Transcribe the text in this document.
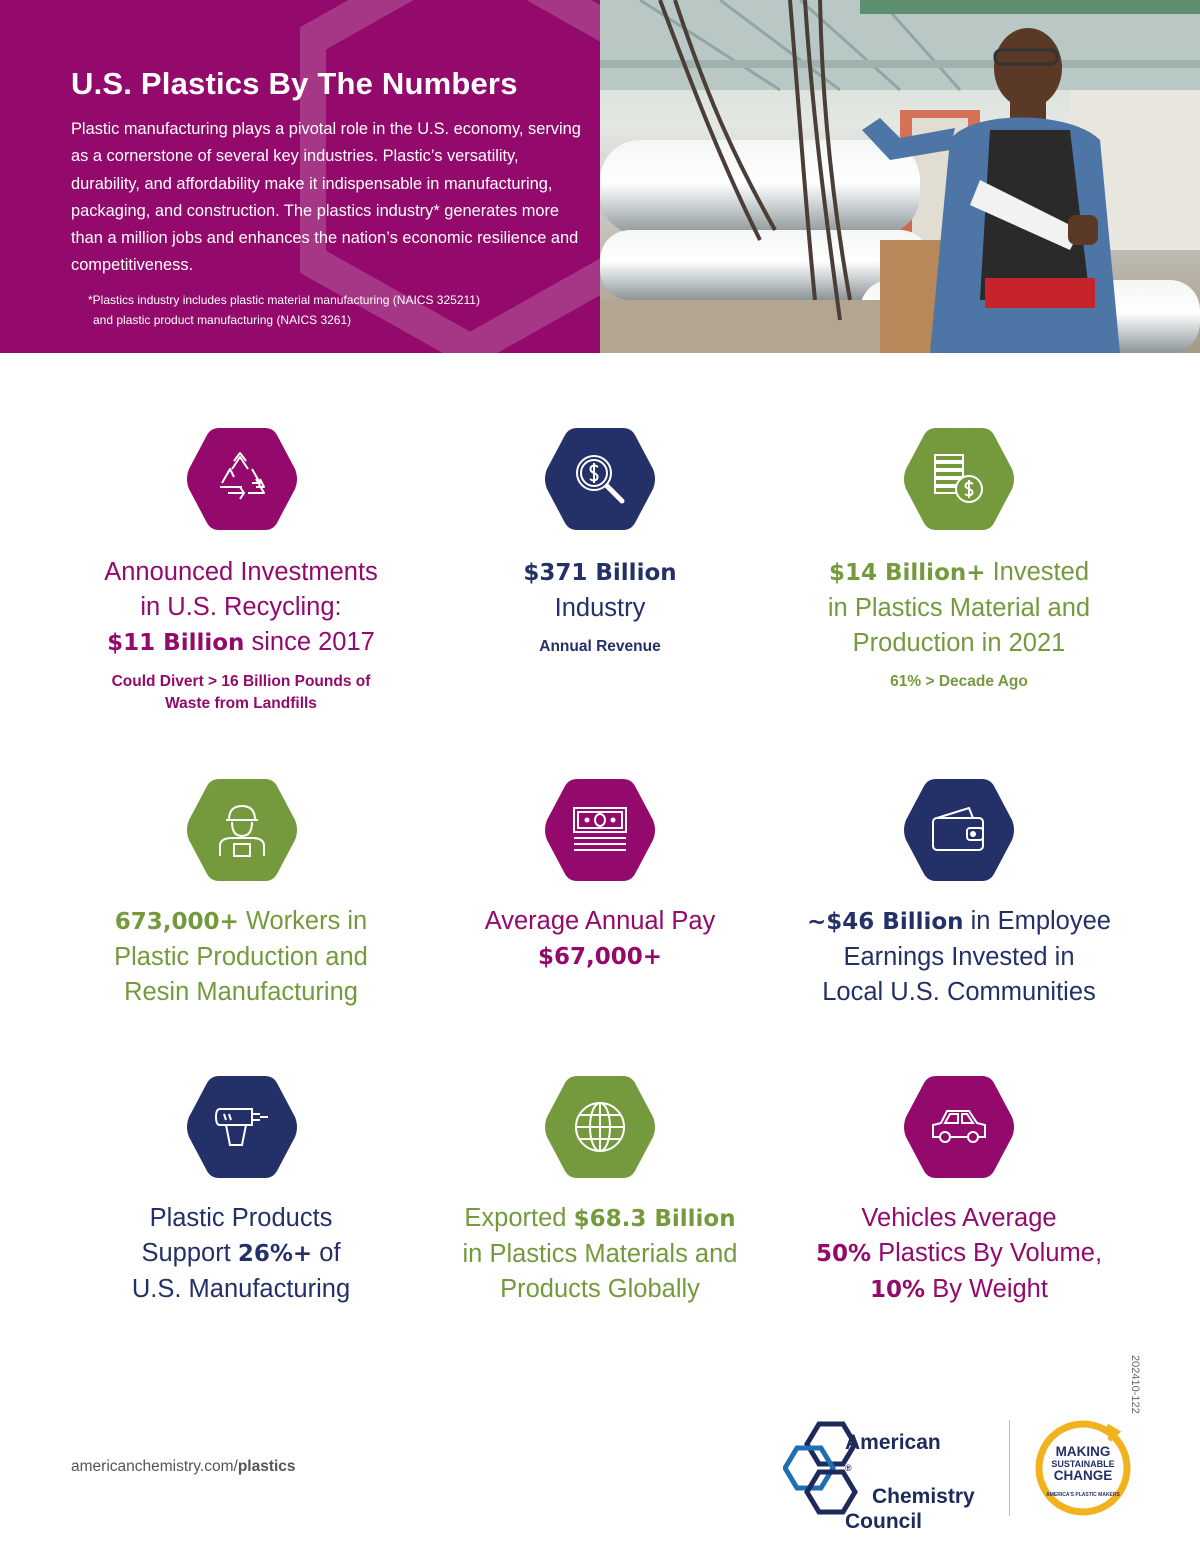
U.S. Plastics By The Numbers

Plastic manufacturing plays a pivotal role in the U.S. economy, serving as a cornerstone of several key industries. Plastic’s versatility, durability, and affordability make it indispensable in manufacturing, packaging, and construction. The plastics industry* generates more than a million jobs and enhances the nation’s economic resilience and competitiveness.

*Plastics industry includes plastic material manufacturing (NAICS 325211)
and plastic product manufacturing (NAICS 3261)
Announced Investments
in U.S. Recycling:
$11 Billion since 2017
Could Divert > 16 Billion Pounds of
Waste from Landfills
$371 Billion
Industry
Annual Revenue
$14 Billion+ Invested
in Plastics Material and
Production in 2021
61% > Decade Ago
673,000+ Workers in
Plastic Production and
Resin Manufacturing
Average Annual Pay
$67,000+
~$46 Billion in Employee
Earnings Invested in
Local U.S. Communities
Plastic Products
Support 26%+ of
U.S. Manufacturing
Exported $68.3 Billion
in Plastics Materials and
Products Globally
Vehicles Average
50% Plastics By Volume,
10% By Weight
americanchemistry.com/plastics
202410-122
American
®
Chemistry
Council
MAKING
SUSTAINABLE
CHANGE
AMERICA'S PLASTIC MAKERS
